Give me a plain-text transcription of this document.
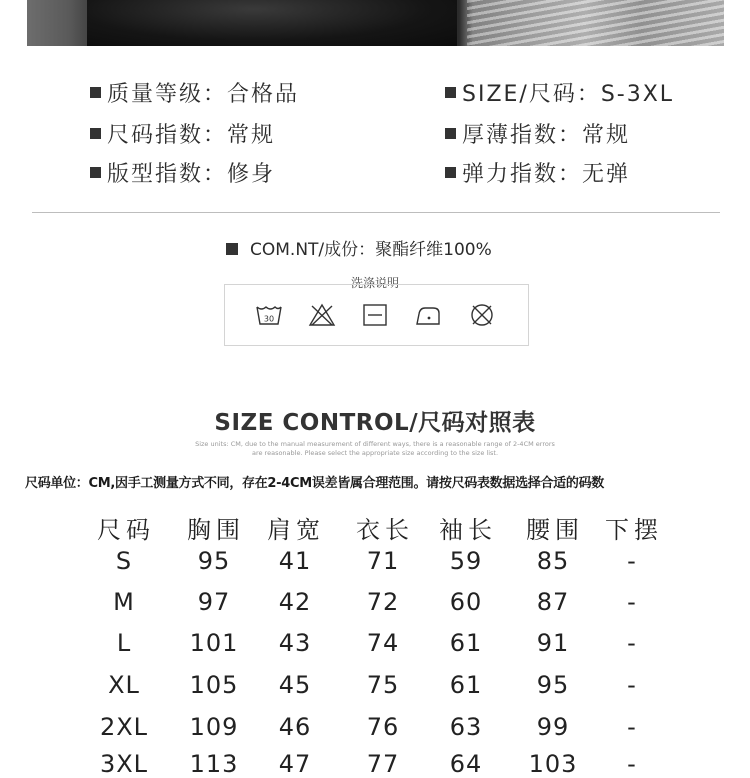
质量等级：合格品	SIZE/尺码：S-3XL
尺码指数：常规	厚薄指数：常规
版型指数：修身	弹力指数：无弹
COM.NT/成份：聚酯纤维100%
洗涤说明
30
SIZE CONTROL/尺码对照表
Size units: CM, due to the manual measurement of different ways, there is a reasonable range of 2-4CM errors
are reasonable. Please select the appropriate size according to the size list.
尺码单位：CM,因手工测量方式不同，存在2-4CM误差皆属合理范围。请按尺码表数据选择合适的码数
尺码 胸围 肩宽 衣长 袖长 腰围 下摆
S	95 41 71 59 85 -
M	97 42 72 60 87 -
L 101 43 74 61 91 -
XL 105 45 75 61 95 -
2XL 109 46 76 63 99 -
3XL 113 47 77 64 103 -
